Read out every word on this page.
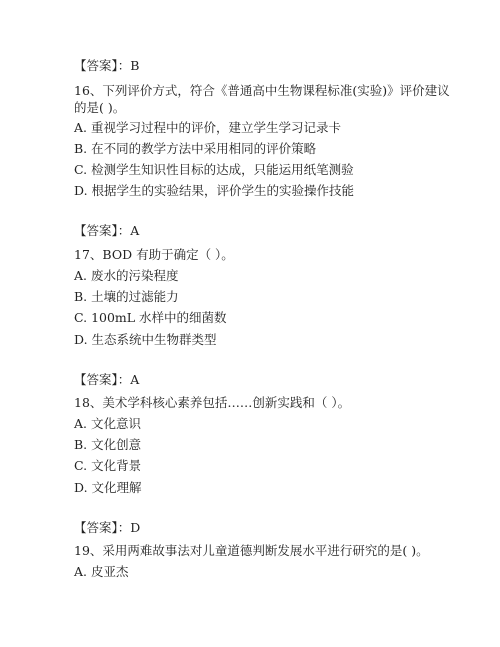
【答案】：B
16、下列评价方式，符合《普通高中生物课程标准(实验)》评价建议
的是( )。
A. 重视学习过程中的评价，建立学生学习记录卡
B. 在不同的教学方法中采用相同的评价策略
C. 检测学生知识性目标的达成，只能运用纸笔测验
D. 根据学生的实验结果，评价学生的实验操作技能
【答案】：A
17、BOD 有助于确定（ ）。
A. 废水的污染程度
B. 土壤的过滤能力
C. 100mL 水样中的细菌数
D. 生态系统中生物群类型
【答案】：A
18、美术学科核心素养包括……创新实践和（ ）。
A. 文化意识
B. 文化创意
C. 文化背景
D. 文化理解
【答案】：D
19、采用两难故事法对儿童道德判断发展水平进行研究的是( )。
A. 皮亚杰
